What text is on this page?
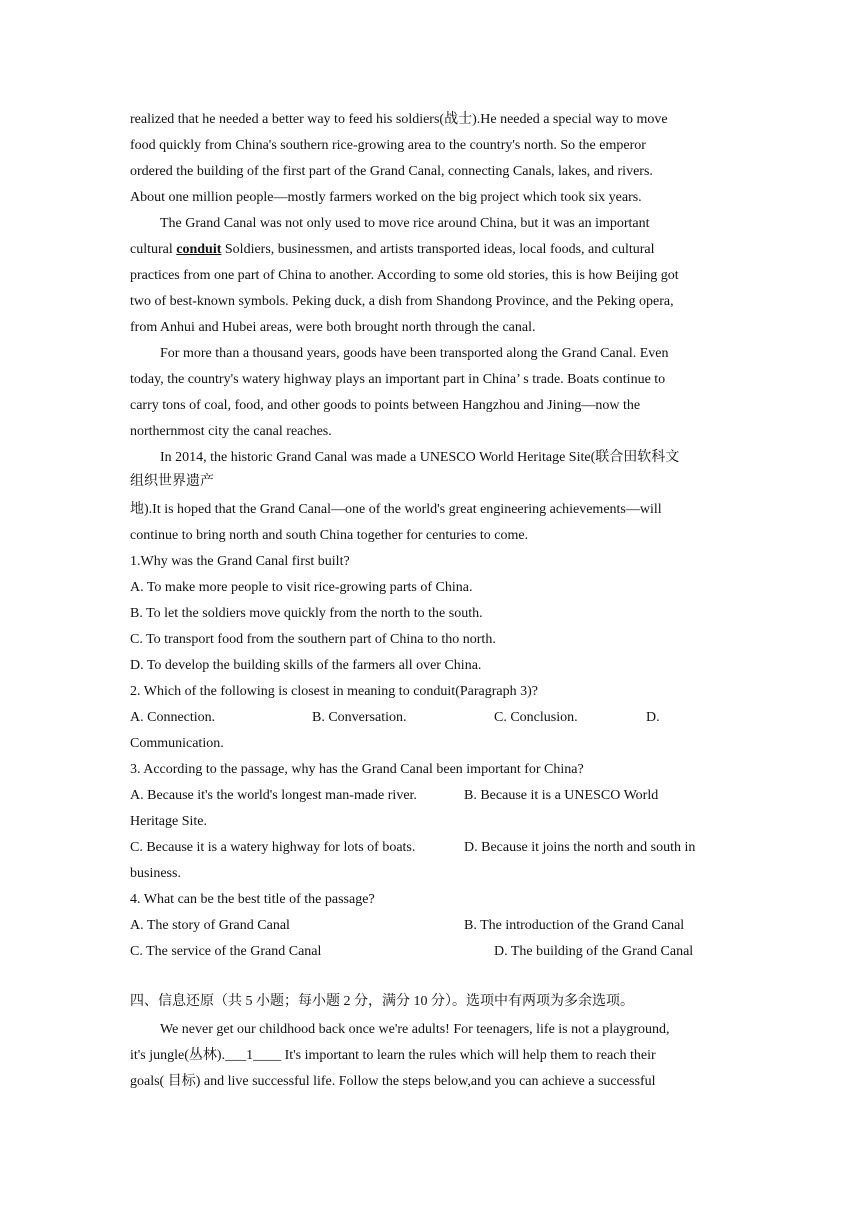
realized that he needed a better way to feed his soldiers(战士).He needed a special way to move
food quickly from China's southern rice-growing area to the country's north. So the emperor
ordered the building of the first part of the Grand Canal, connecting Canals, lakes, and rivers.
About one million people—mostly farmers worked on the big project which took six years.
The Grand Canal was not only used to move rice around China, but it was an important
cultural conduit Soldiers, businessmen, and artists transported ideas, local foods, and cultural
practices from one part of China to another. According to some old stories, this is how Beijing got
two of best-known symbols. Peking duck, a dish from Shandong Province, and the Peking opera,
from Anhui and Hubei areas, were both brought north through the canal.
For more than a thousand years, goods have been transported along the Grand Canal. Even
today, the country's watery highway plays an important part in China’ s trade. Boats continue to
carry tons of coal, food, and other goods to points between Hangzhou and Jining—now the
northernmost city the canal reaches.
In 2014, the historic Grand Canal was made a UNESCO World Heritage Site(联合田软科文
组织世界遗产
地).It is hoped that the Grand Canal—one of the world's great engineering achievements—will
continue to bring north and south China together for centuries to come.
1.Why was the Grand Canal first built?
A. To make more people to visit rice-growing parts of China.
B. To let the soldiers move quickly from the north to the south.
C. To transport food from the southern part of China to tho north.
D. To develop the building skills of the farmers all over China.
2. Which of the following is closest in meaning to conduit(Paragraph 3)?
A. Connection.	B. Conversation.	C. Conclusion.	D.
Communication.
3. According to the passage, why has the Grand Canal been important for China?
A. Because it's the world's longest man-made river.	B. Because it is a UNESCO World
Heritage Site.
C. Because it is a watery highway for lots of boats.	D. Because it joins the north and south in
business.
4. What can be the best title of the passage?
A. The story of Grand Canal	B. The introduction of the Grand Canal
C. The service of the Grand Canal	D. The building of the Grand Canal
四、信息还原（共 5 小题；每小题 2 分，满分 10 分）。选项中有两项为多余选项。
We never get our childhood back once we're adults! For teenagers, life is not a playground,
it's jungle(丛林).___1____ It's important to learn the rules which will help them to reach their
goals( 目标) and live successful life. Follow the steps below,and you can achieve a successful
